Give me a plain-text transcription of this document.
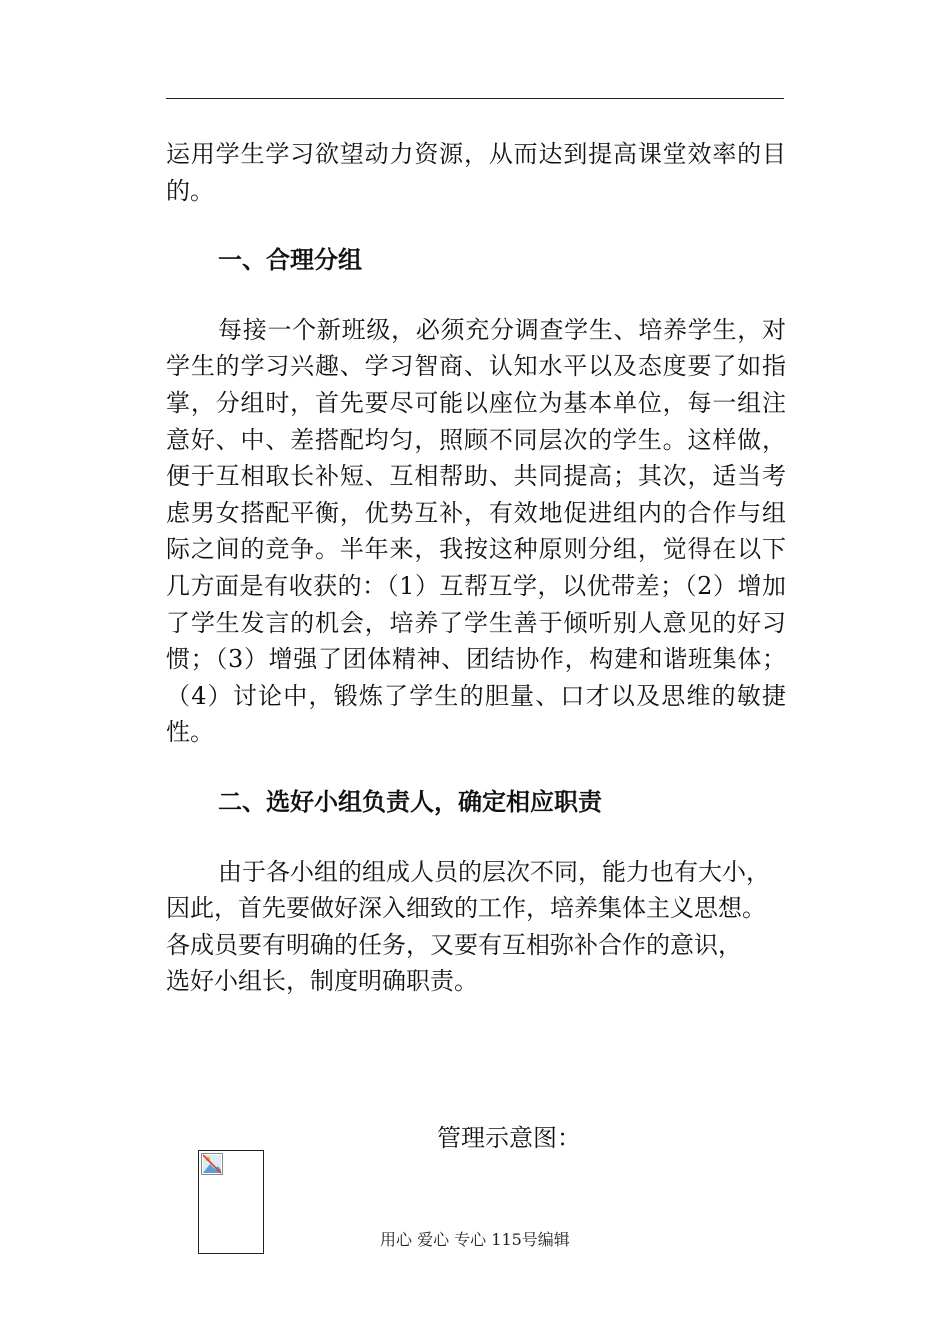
运用学生学习欲望动力资源，从而达到提高课堂效率的目的。

一、合理分组

每接一个新班级，必须充分调查学生、培养学生，对学生的学习兴趣、学习智商、认知水平以及态度要了如指掌，分组时，首先要尽可能以座位为基本单位，每一组注意好、中、差搭配均匀，照顾不同层次的学生。这样做，便于互相取长补短、互相帮助、共同提高；其次，适当考虑男女搭配平衡，优势互补，有效地促进组内的合作与组际之间的竞争。半年来，我按这种原则分组，觉得在以下几方面是有收获的：（1）互帮互学，以优带差；（2）增加了学生发言的机会，培养了学生善于倾听别人意见的好习惯；（3）增强了团体精神、团结协作，构建和谐班集体；（4）讨论中，锻炼了学生的胆量、口才以及思维的敏捷性。

二、选好小组负责人，确定相应职责

由于各小组的组成人员的层次不同，能力也有大小，
因此，首先要做好深入细致的工作，培养集体主义思想。
各成员要有明确的任务，又要有互相弥补合作的意识，
选好小组长，制度明确职责。
管理示意图：
用心 爱心 专心 115号编辑
